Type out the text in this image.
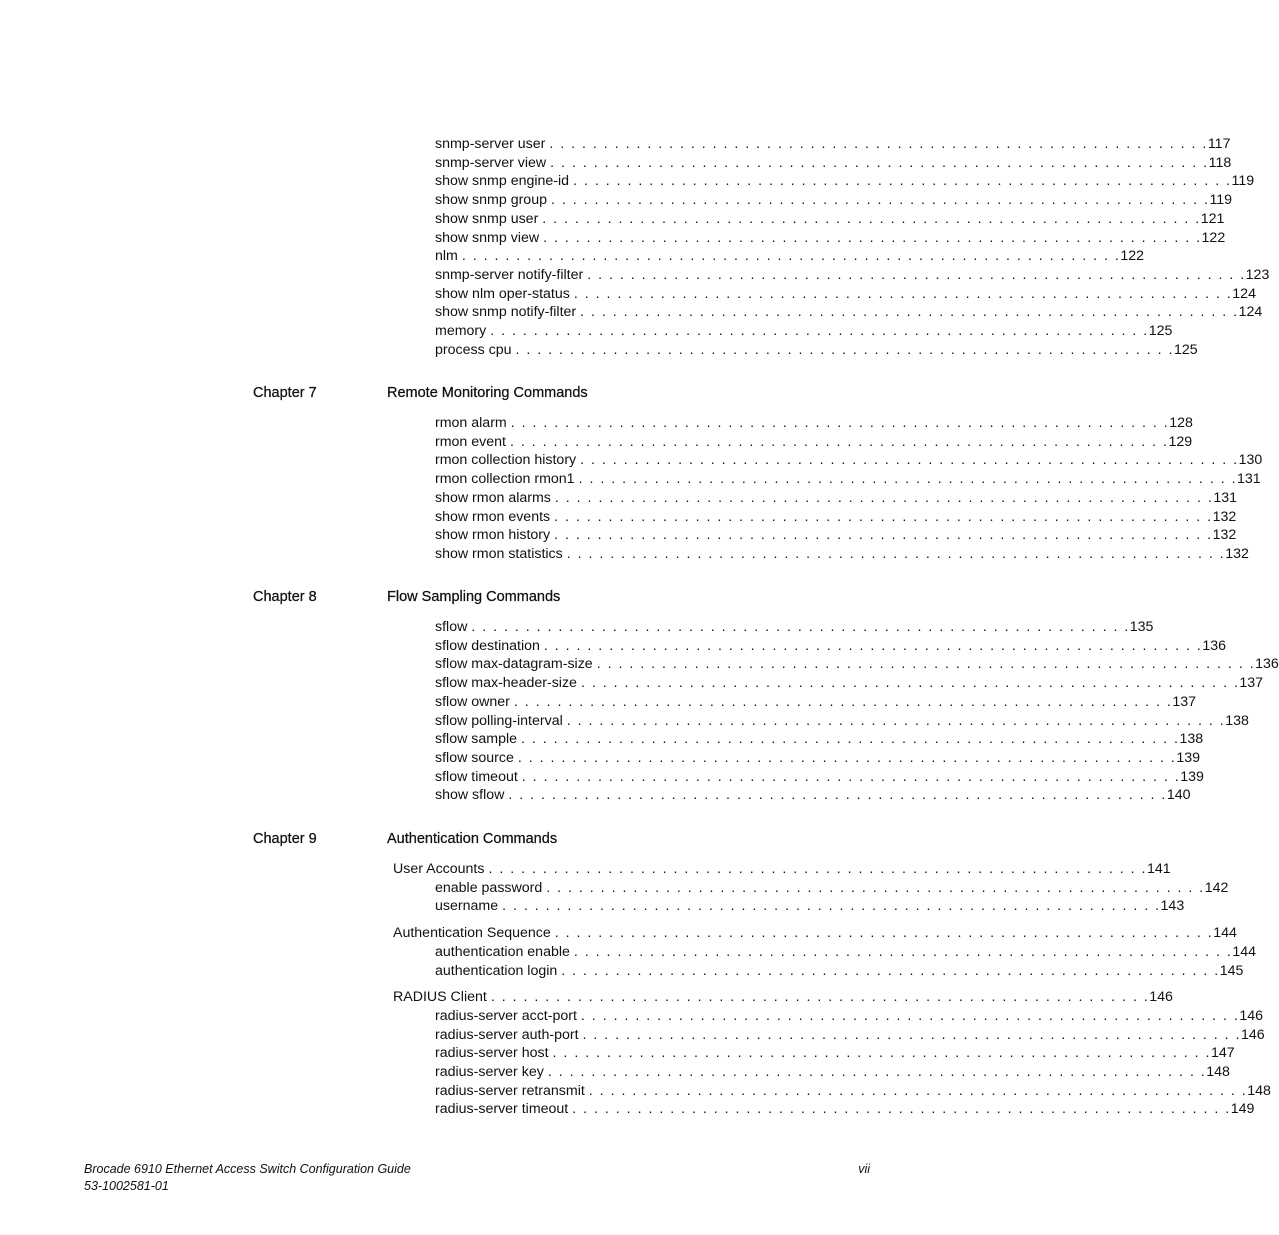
snmp-server user . . . . . . . . . . . . . . . . . . . . . . . . . . . . . . . . . . . . . . . . . . . . . . . . . . . . . . . . . . . . . 117
snmp-server view . . . . . . . . . . . . . . . . . . . . . . . . . . . . . . . . . . . . . . . . . . . . . . . . . . . . . . . . . . . . . 118
show snmp engine-id . . . . . . . . . . . . . . . . . . . . . . . . . . . . . . . . . . . . . . . . . . . . . . . . . . . . . . . . . . . . . 119
show snmp group . . . . . . . . . . . . . . . . . . . . . . . . . . . . . . . . . . . . . . . . . . . . . . . . . . . . . . . . . . . . . 119
show snmp user . . . . . . . . . . . . . . . . . . . . . . . . . . . . . . . . . . . . . . . . . . . . . . . . . . . . . . . . . . . . . 121
show snmp view . . . . . . . . . . . . . . . . . . . . . . . . . . . . . . . . . . . . . . . . . . . . . . . . . . . . . . . . . . . . . 122
nlm . . . . . . . . . . . . . . . . . . . . . . . . . . . . . . . . . . . . . . . . . . . . . . . . . . . . . . . . . . . . . 122
snmp-server notify-filter . . . . . . . . . . . . . . . . . . . . . . . . . . . . . . . . . . . . . . . . . . . . . . . . . . . . . . . . . . . . . 123
show nlm oper-status . . . . . . . . . . . . . . . . . . . . . . . . . . . . . . . . . . . . . . . . . . . . . . . . . . . . . . . . . . . . . 124
show snmp notify-filter . . . . . . . . . . . . . . . . . . . . . . . . . . . . . . . . . . . . . . . . . . . . . . . . . . . . . . . . . . . . . 124
memory . . . . . . . . . . . . . . . . . . . . . . . . . . . . . . . . . . . . . . . . . . . . . . . . . . . . . . . . . . . . . 125
process cpu . . . . . . . . . . . . . . . . . . . . . . . . . . . . . . . . . . . . . . . . . . . . . . . . . . . . . . . . . . . . . 125
Chapter 7	Remote Monitoring Commands
rmon alarm . . . . . . . . . . . . . . . . . . . . . . . . . . . . . . . . . . . . . . . . . . . . . . . . . . . . . . . . . . . . . 128
rmon event . . . . . . . . . . . . . . . . . . . . . . . . . . . . . . . . . . . . . . . . . . . . . . . . . . . . . . . . . . . . . 129
rmon collection history . . . . . . . . . . . . . . . . . . . . . . . . . . . . . . . . . . . . . . . . . . . . . . . . . . . . . . . . . . . . . 130
rmon collection rmon1 . . . . . . . . . . . . . . . . . . . . . . . . . . . . . . . . . . . . . . . . . . . . . . . . . . . . . . . . . . . . . 131
show rmon alarms . . . . . . . . . . . . . . . . . . . . . . . . . . . . . . . . . . . . . . . . . . . . . . . . . . . . . . . . . . . . . 131
show rmon events . . . . . . . . . . . . . . . . . . . . . . . . . . . . . . . . . . . . . . . . . . . . . . . . . . . . . . . . . . . . . 132
show rmon history . . . . . . . . . . . . . . . . . . . . . . . . . . . . . . . . . . . . . . . . . . . . . . . . . . . . . . . . . . . . . 132
show rmon statistics . . . . . . . . . . . . . . . . . . . . . . . . . . . . . . . . . . . . . . . . . . . . . . . . . . . . . . . . . . . . . 132
Chapter 8	Flow Sampling Commands
sflow . . . . . . . . . . . . . . . . . . . . . . . . . . . . . . . . . . . . . . . . . . . . . . . . . . . . . . . . . . . . . 135
sflow destination . . . . . . . . . . . . . . . . . . . . . . . . . . . . . . . . . . . . . . . . . . . . . . . . . . . . . . . . . . . . . 136
sflow max-datagram-size . . . . . . . . . . . . . . . . . . . . . . . . . . . . . . . . . . . . . . . . . . . . . . . . . . . . . . . . . . . . . 136
sflow max-header-size . . . . . . . . . . . . . . . . . . . . . . . . . . . . . . . . . . . . . . . . . . . . . . . . . . . . . . . . . . . . . 137
sflow owner . . . . . . . . . . . . . . . . . . . . . . . . . . . . . . . . . . . . . . . . . . . . . . . . . . . . . . . . . . . . . 137
sflow polling-interval . . . . . . . . . . . . . . . . . . . . . . . . . . . . . . . . . . . . . . . . . . . . . . . . . . . . . . . . . . . . . 138
sflow sample . . . . . . . . . . . . . . . . . . . . . . . . . . . . . . . . . . . . . . . . . . . . . . . . . . . . . . . . . . . . . 138
sflow source . . . . . . . . . . . . . . . . . . . . . . . . . . . . . . . . . . . . . . . . . . . . . . . . . . . . . . . . . . . . . 139
sflow timeout . . . . . . . . . . . . . . . . . . . . . . . . . . . . . . . . . . . . . . . . . . . . . . . . . . . . . . . . . . . . . 139
show sflow . . . . . . . . . . . . . . . . . . . . . . . . . . . . . . . . . . . . . . . . . . . . . . . . . . . . . . . . . . . . . 140
Chapter 9	Authentication Commands
User Accounts . . . . . . . . . . . . . . . . . . . . . . . . . . . . . . . . . . . . . . . . . . . . . . . . . . . . . . . . . . . . . 141
enable password . . . . . . . . . . . . . . . . . . . . . . . . . . . . . . . . . . . . . . . . . . . . . . . . . . . . . . . . . . . . . 142
username . . . . . . . . . . . . . . . . . . . . . . . . . . . . . . . . . . . . . . . . . . . . . . . . . . . . . . . . . . . . . 143
Authentication Sequence . . . . . . . . . . . . . . . . . . . . . . . . . . . . . . . . . . . . . . . . . . . . . . . . . . . . . . . . . . . . . 144
authentication enable . . . . . . . . . . . . . . . . . . . . . . . . . . . . . . . . . . . . . . . . . . . . . . . . . . . . . . . . . . . . . 144
authentication login . . . . . . . . . . . . . . . . . . . . . . . . . . . . . . . . . . . . . . . . . . . . . . . . . . . . . . . . . . . . . 145
RADIUS Client . . . . . . . . . . . . . . . . . . . . . . . . . . . . . . . . . . . . . . . . . . . . . . . . . . . . . . . . . . . . . 146
radius-server acct-port . . . . . . . . . . . . . . . . . . . . . . . . . . . . . . . . . . . . . . . . . . . . . . . . . . . . . . . . . . . . . 146
radius-server auth-port . . . . . . . . . . . . . . . . . . . . . . . . . . . . . . . . . . . . . . . . . . . . . . . . . . . . . . . . . . . . . 146
radius-server host . . . . . . . . . . . . . . . . . . . . . . . . . . . . . . . . . . . . . . . . . . . . . . . . . . . . . . . . . . . . . 147
radius-server key . . . . . . . . . . . . . . . . . . . . . . . . . . . . . . . . . . . . . . . . . . . . . . . . . . . . . . . . . . . . . 148
radius-server retransmit . . . . . . . . . . . . . . . . . . . . . . . . . . . . . . . . . . . . . . . . . . . . . . . . . . . . . . . . . . . . . 148
radius-server timeout . . . . . . . . . . . . . . . . . . . . . . . . . . . . . . . . . . . . . . . . . . . . . . . . . . . . . . . . . . . . . 149
Brocade 6910 Ethernet Access Switch Configuration Guide
53-1002581-01
vii
